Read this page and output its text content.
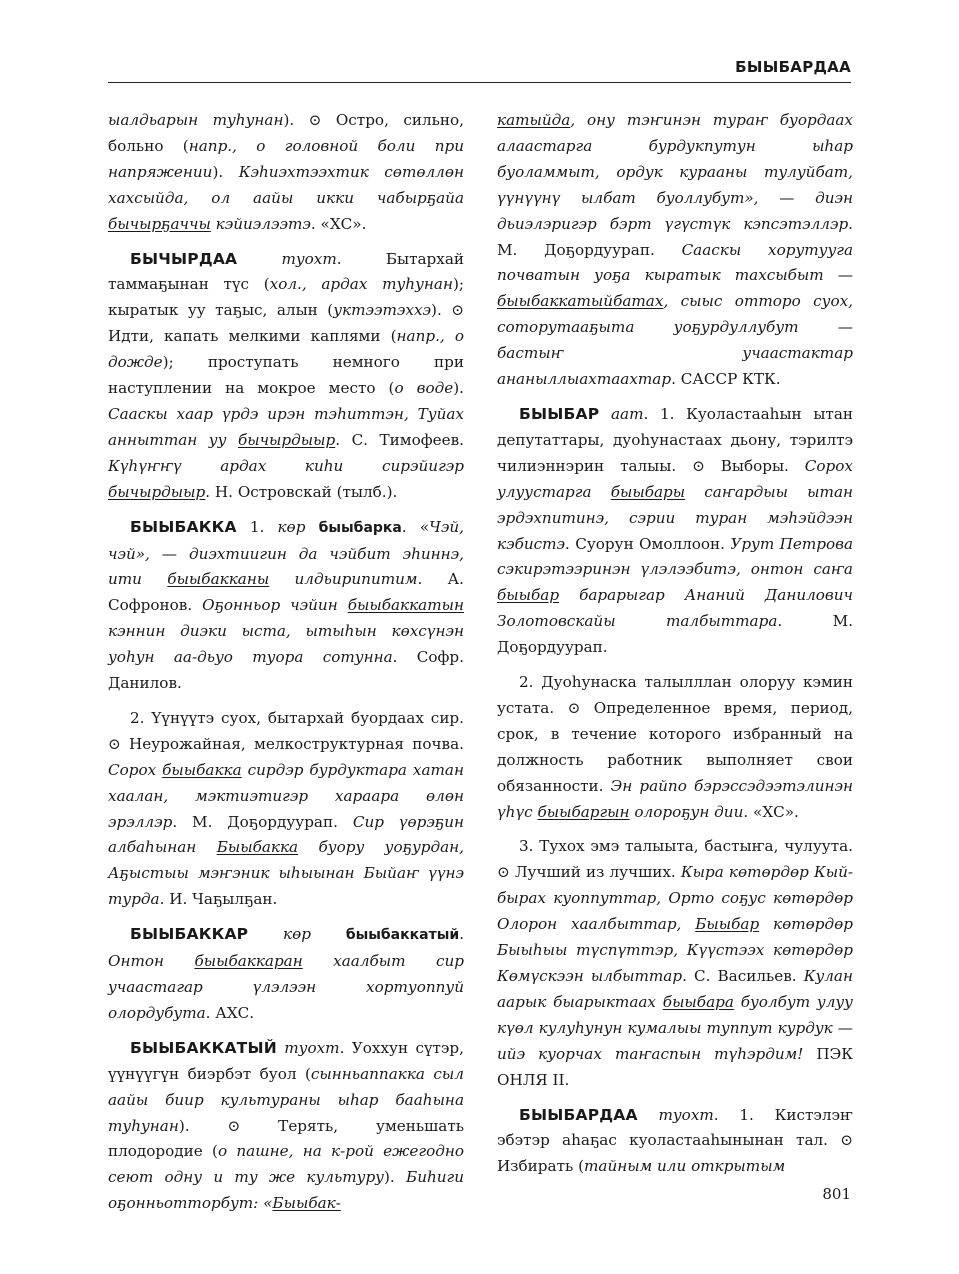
БЫЫБАРДАА

ыалдьарын туһунан). ⊙ Остро, сильно, больно (напр., о головной боли при напряжении). Кэһиэхтээхтик сөтөллөн хахсыйда, ол аайы икки чабырҕайа бычырҕаччы кэйиэлээтэ. «ХС».

БЫЧЫРДАА туохт. Бытархай таммаҕынан түс (хол., ардах туһунан); кыратык уу таҕыс, алын (уктээтэххэ). ⊙ Идти, капать мелкими каплями (напр., о дожде); проступать немного при наступлении на мокрое место (о воде). Сааскы хаар үрдэ ирэн тэһиттэн, Туйах анныттан уу бычырдыыр. С. Тимофеев. Күһүҥҥү ардах киһи сирэйигэр бычырдыыр. Н. Островскай (тылб.).

БЫЫБАККА 1. көр быыбарка. «Чэй, чэй», — диэхтиигин да чэйбит эһиннэ, ити быыбакканы илдьирипитим. А. Софронов. Оҕонньор чэйин быыбаккатын кэннин диэки ыста, ытыһын көхсүнэн уоһун аа-дьуо туора сотунна. Софр. Данилов.

2. Үүнүүтэ суох, бытархай буордаах сир. ⊙ Неурожайная, мелкоструктурная почва. Сорох быыбакка сирдэр бурдуктара хатан хаалан, мэктиэтигэр хараара өлөн эрэллэр. М. Доҕордуурап. Сир үөрэҕин албаһынан Быыбакка буору уоҕурдан, Аҕыстыы мэҥэник ыһыынан Быйаҥ үүнэ турда. И. Чаҕылҕан.

БЫЫБАККАР көр быыбаккатый. Онтон быыбаккаран хаалбыт сир учаастагар үлэлээн хортуоппуй олордубута. АХС.

БЫЫБАККАТЫЙ туохт. Уоххун сүтэр, үүнүүгүн биэрбэт буол (сынньаппакка сыл аайы биир культураны ыһар бааһына туһунан). ⊙ Терять, уменьшать плодородие (о пашне, на к-рой ежегодно сеют одну и ту же культуру). Биһиги оҕонньотторбут: «Быыбак-

катыйда, ону тэҥинэн тураҥ буордаах алаастарга бурдукпутун ыһар буоламмыт, ордук курааны тулуйбат, үүнүүнү ылбат буоллубут», — диэн дьиэлэригэр бэрт үгүстүк кэпсэтэллэр. М. Доҕордуурап. Сааскы хорутууга почватын уоҕа кыратык тахсыбыт — быыбаккатыйбатах, сыыс отторо суох, соторутааҕыта уоҕурдуллубут — бастыҥ учаастактар ананыллыахтаахтар. САССР КТК.

БЫЫБАР аат. 1. Куоластааһын ытан депутаттары, дуоһунастаах дьону, тэрилтэ чилиэннэрин талыы. ⊙ Выборы. Сорох улуустарга быыбары саҥардыы ытан эрдэхпитинэ, сэрии туран мэһэйдээн кэбистэ. Суорун Омоллоон. Урут Петрова сэкирэтээринэн үлэлээбитэ, онтон саҥа быыбар барарыгар Ананий Данилович Золотовскайы талбыттара. М. Доҕордуурап.

2. Дуоһунаска талылллан олоруу кэмин устата. ⊙ Определенное время, период, срок, в течение которого избранный на должность работник выполняет свои обязанности. Эн райпо бэрэссэдээтэлинэн үһүс быыбаргын олороҕун дии. «ХС».

3. Тухох эмэ талыыта, бастыҥа, чулуута. ⊙ Лучший из лучших. Кыра көтөрдөр Кый-бырах куоппуттар, Орто соҕус көтөрдөр Олорон хаалбыттар, Быыбар көтөрдөр Быыһыы түспүттэр, Күүстээх көтөрдөр Көмүскээн ылбыттар. С. Васильев. Кулан аарык быарыктаах быыбара буолбут улуу күөл кулуһунун кумалыы туппут курдук — ийэ куорчах таҥаспын түһэрдим! ПЭК ОНЛЯ II.

БЫЫБАРДАА туохт. 1. Кистэлэҥ эбэтэр аһаҕас куоластааһынынан тал. ⊙ Избирать (тайным или открытым

801
